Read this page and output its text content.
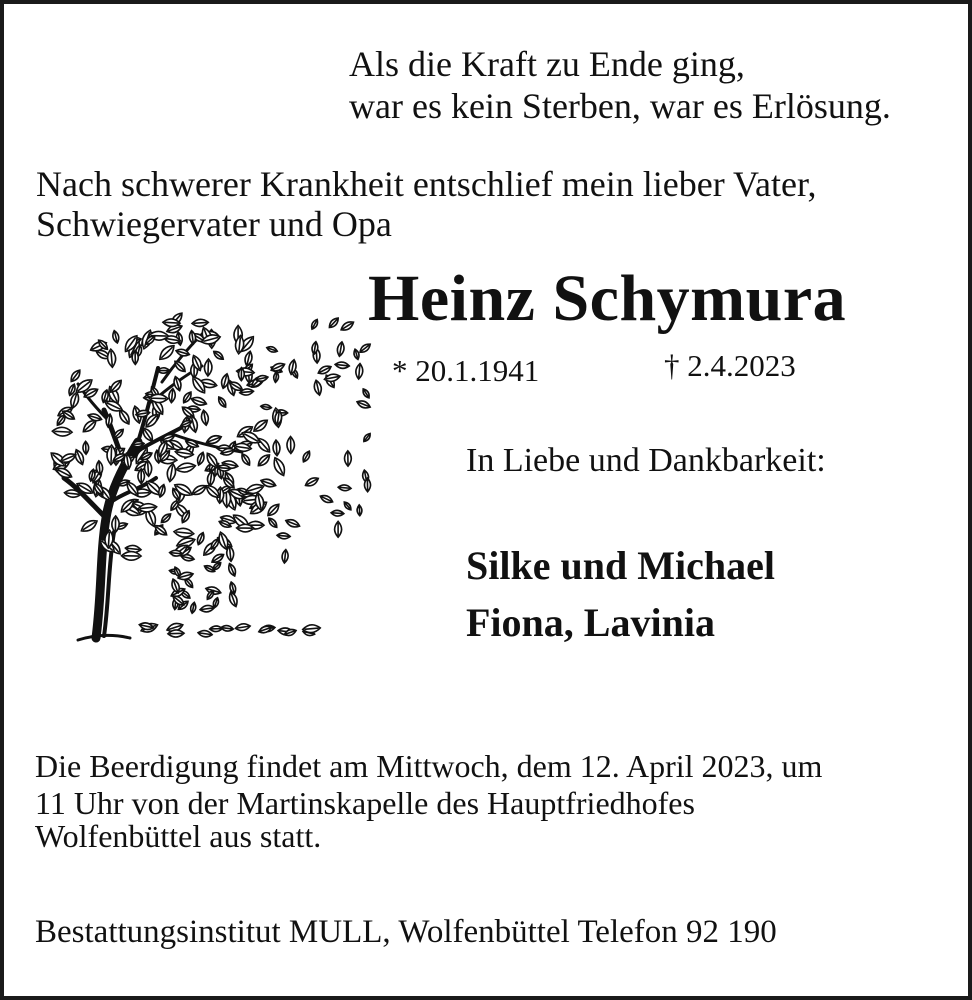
Als die Kraft zu Ende ging,
war es kein Sterben, war es Erlösung.
Nach schwerer Krankheit entschlief mein lieber Vater,
Schwiegervater und Opa
Heinz Schymura
* 20.1.1941	† 2.4.2023
In Liebe und Dankbarkeit:
Silke und Michael
Fiona, Lavinia
Die Beerdigung findet am Mittwoch, dem 12. April 2023, um
11 Uhr von der Martinskapelle des Hauptfriedhofes
Wolfenbüttel aus statt.
Bestattungsinstitut MULL, Wolfenbüttel Telefon 92 190
